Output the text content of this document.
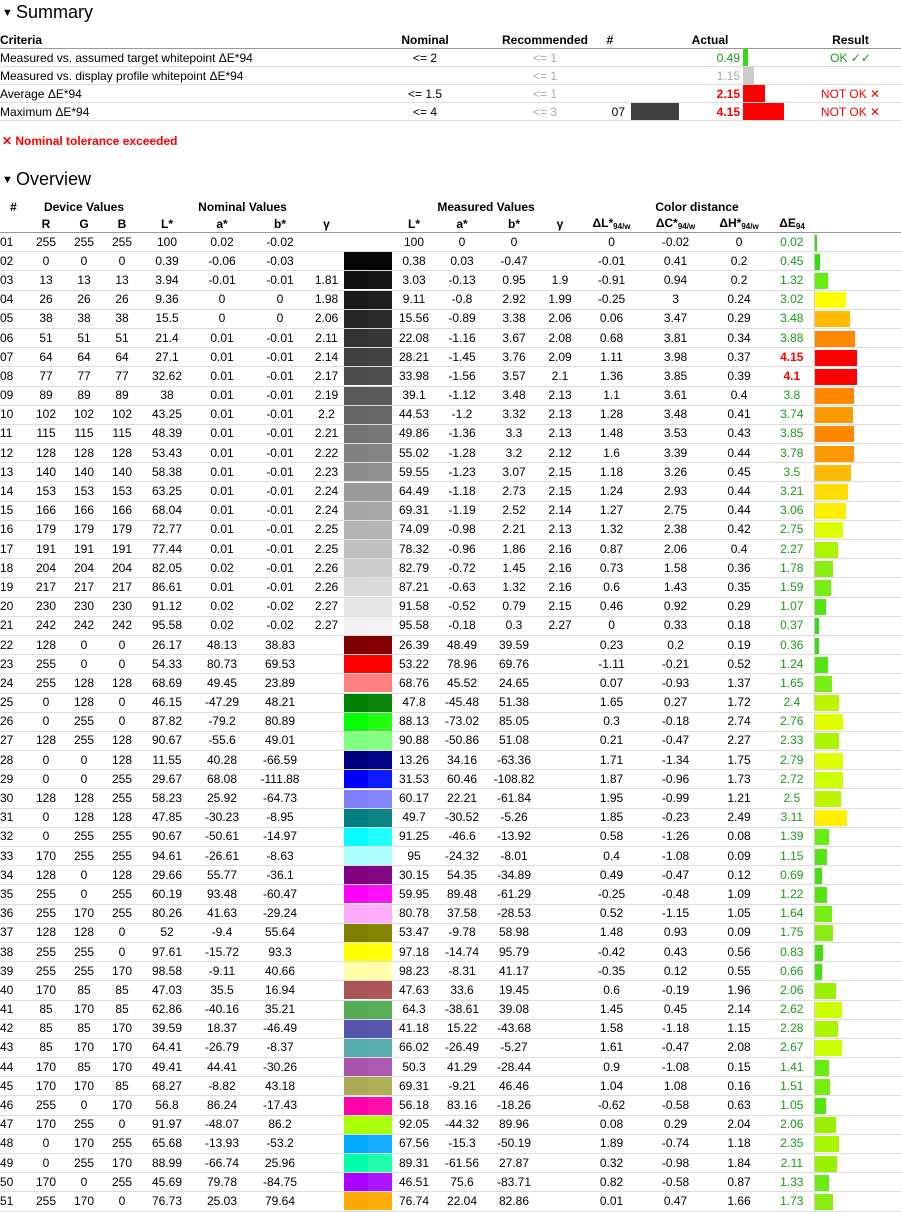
▼ Summary
Criteria	Nominal	Recommended	#		Actual		Result
Measured vs. assumed target whitepoint ΔE*94	<= 2	<= 1			0.49		OK ✓✓
Measured vs. display profile whitepoint ΔE*94		<= 1			1.15	

Average ΔE*94	<= 1.5	<= 1			2.15		NOT OK ✕
Maximum ΔE*94	<= 4	<= 3	07		4.15		NOT OK ✕
✕ Nominal tolerance exceeded
▼ Overview
#	Device Values			Nominal Values						Measured Values				Color distance				
	R	G	B	L*	a*	b*	γ			L*	a*	b*	γ	$\Delta L*_{94/w}$	$\Delta C*_{94/w}$	$\Delta H*_{94/w}$	$\Delta E_{94}$	
01	255	255	255	100	0.02	-0.02				100	0	0		0	-0.02	0	0.02	

02	0	0	0	0.39	-0.06	-0.03				0.38	0.03	-0.47		-0.01	0.41	0.2	0.45	

03	13	13	13	3.94	-0.01	-0.01	1.81			3.03	-0.13	0.95	1.9	-0.91	0.94	0.2	1.32	

04	26	26	26	9.36	0	0	1.98			9.11	-0.8	2.92	1.99	-0.25	3	0.24	3.02	

05	38	38	38	15.5	0	0	2.06			15.56	-0.89	3.38	2.06	0.06	3.47	0.29	3.48	

06	51	51	51	21.4	0.01	-0.01	2.11			22.08	-1.16	3.67	2.08	0.68	3.81	0.34	3.88	

07	64	64	64	27.1	0.01	-0.01	2.14			28.21	-1.45	3.76	2.09	1.11	3.98	0.37	4.15	

08	77	77	77	32.62	0.01	-0.01	2.17			33.98	-1.56	3.57	2.1	1.36	3.85	0.39	4.1	

09	89	89	89	38	0.01	-0.01	2.19			39.1	-1.12	3.48	2.13	1.1	3.61	0.4	3.8	

10	102	102	102	43.25	0.01	-0.01	2.2			44.53	-1.2	3.32	2.13	1.28	3.48	0.41	3.74	

11	115	115	115	48.39	0.01	-0.01	2.21			49.86	-1.36	3.3	2.13	1.48	3.53	0.43	3.85	

12	128	128	128	53.43	0.01	-0.01	2.22			55.02	-1.28	3.2	2.12	1.6	3.39	0.44	3.78	

13	140	140	140	58.38	0.01	-0.01	2.23			59.55	-1.23	3.07	2.15	1.18	3.26	0.45	3.5	

14	153	153	153	63.25	0.01	-0.01	2.24			64.49	-1.18	2.73	2.15	1.24	2.93	0.44	3.21	

15	166	166	166	68.04	0.01	-0.01	2.24			69.31	-1.19	2.52	2.14	1.27	2.75	0.44	3.06	

16	179	179	179	72.77	0.01	-0.01	2.25			74.09	-0.98	2.21	2.13	1.32	2.38	0.42	2.75	

17	191	191	191	77.44	0.01	-0.01	2.25			78.32	-0.96	1.86	2.16	0.87	2.06	0.4	2.27	

18	204	204	204	82.05	0.02	-0.01	2.26			82.79	-0.72	1.45	2.16	0.73	1.58	0.36	1.78	

19	217	217	217	86.61	0.01	-0.01	2.26			87.21	-0.63	1.32	2.16	0.6	1.43	0.35	1.59	

20	230	230	230	91.12	0.02	-0.02	2.27			91.58	-0.52	0.79	2.15	0.46	0.92	0.29	1.07	

21	242	242	242	95.58	0.02	-0.02	2.27			95.58	-0.18	0.3	2.27	0	0.33	0.18	0.37	

22	128	0	0	26.17	48.13	38.83				26.39	48.49	39.59		0.23	0.2	0.19	0.36	

23	255	0	0	54.33	80.73	69.53				53.22	78.96	69.76		-1.11	-0.21	0.52	1.24	

24	255	128	128	68.69	49.45	23.89				68.76	45.52	24.65		0.07	-0.93	1.37	1.65	

25	0	128	0	46.15	-47.29	48.21				47.8	-45.48	51.38		1.65	0.27	1.72	2.4	

26	0	255	0	87.82	-79.2	80.89				88.13	-73.02	85.05		0.3	-0.18	2.74	2.76	

27	128	255	128	90.67	-55.6	49.01				90.88	-50.86	51.08		0.21	-0.47	2.27	2.33	

28	0	0	128	11.55	40.28	-66.59				13.26	34.16	-63.36		1.71	-1.34	1.75	2.79	

29	0	0	255	29.67	68.08	-111.88				31.53	60.46	-108.82		1.87	-0.96	1.73	2.72	

30	128	128	255	58.23	25.92	-64.73				60.17	22.21	-61.84		1.95	-0.99	1.21	2.5	

31	0	128	128	47.85	-30.23	-8.95				49.7	-30.52	-5.26		1.85	-0.23	2.49	3.11	

32	0	255	255	90.67	-50.61	-14.97				91.25	-46.6	-13.92		0.58	-1.26	0.08	1.39	

33	170	255	255	94.61	-26.61	-8.63				95	-24.32	-8.01		0.4	-1.08	0.09	1.15	

34	128	0	128	29.66	55.77	-36.1				30.15	54.35	-34.89		0.49	-0.47	0.12	0.69	

35	255	0	255	60.19	93.48	-60.47				59.95	89.48	-61.29		-0.25	-0.48	1.09	1.22	

36	255	170	255	80.26	41.63	-29.24				80.78	37.58	-28.53		0.52	-1.15	1.05	1.64	

37	128	128	0	52	-9.4	55.64				53.47	-9.78	58.98		1.48	0.93	0.09	1.75	

38	255	255	0	97.61	-15.72	93.3				97.18	-14.74	95.79		-0.42	0.43	0.56	0.83	

39	255	255	170	98.58	-9.11	40.66				98.23	-8.31	41.17		-0.35	0.12	0.55	0.66	

40	170	85	85	47.03	35.5	16.94				47.63	33.6	19.45		0.6	-0.19	1.96	2.06	

41	85	170	85	62.86	-40.16	35.21				64.3	-38.61	39.08		1.45	0.45	2.14	2.62	

42	85	85	170	39.59	18.37	-46.49				41.18	15.22	-43.68		1.58	-1.18	1.15	2.28	

43	85	170	170	64.41	-26.79	-8.37				66.02	-26.49	-5.27		1.61	-0.47	2.08	2.67	

44	170	85	170	49.41	44.41	-30.26				50.3	41.29	-28.44		0.9	-1.08	0.15	1.41	

45	170	170	85	68.27	-8.82	43.18				69.31	-9.21	46.46		1.04	1.08	0.16	1.51	

46	255	0	170	56.8	86.24	-17.43				56.18	83.16	-18.26		-0.62	-0.58	0.63	1.05	

47	170	255	0	91.97	-48.07	86.2				92.05	-44.32	89.96		0.08	0.29	2.04	2.06	

48	0	170	255	65.68	-13.93	-53.2				67.56	-15.3	-50.19		1.89	-0.74	1.18	2.35	

49	0	255	170	88.99	-66.74	25.96				89.31	-61.56	27.87		0.32	-0.98	1.84	2.11	

50	170	0	255	45.69	79.78	-84.75				46.51	75.6	-83.71		0.82	-0.58	0.87	1.33	

51	255	170	0	76.73	25.03	79.64				76.74	22.04	82.86		0.01	0.47	1.66	1.73	
